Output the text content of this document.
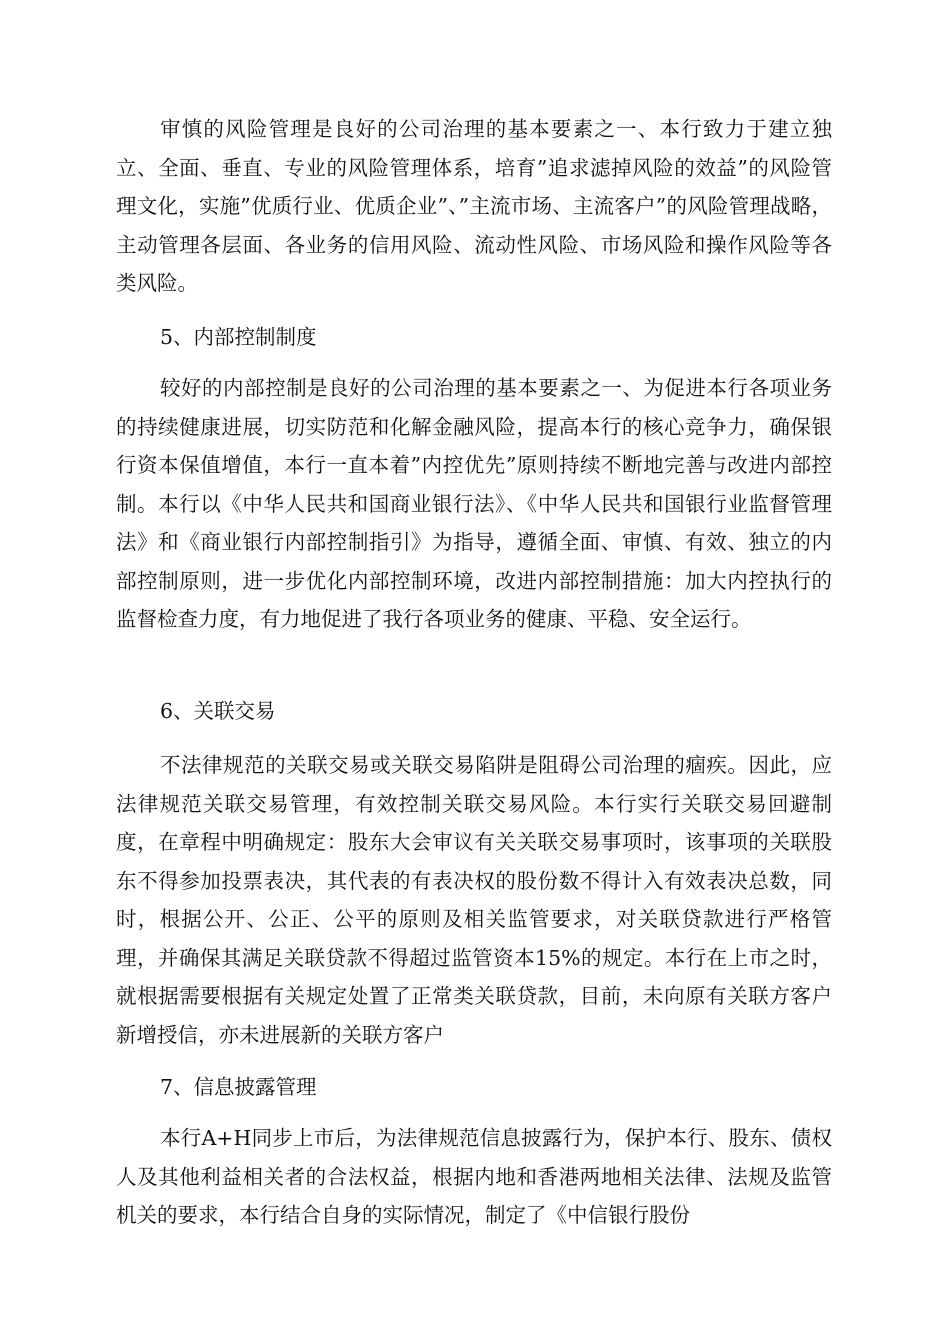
审慎的风险管理是良好的公司治理的基本要素之一、本行致力于建立独立、全面、垂直、专业的风险管理体系，培育”追求滤掉风险的效益”的风险管理文化，实施”优质行业、优质企业”、”主流市场、主流客户”的风险管理战略，主动管理各层面、各业务的信用风险、流动性风险、市场风险和操作风险等各类风险。

5、内部控制制度

较好的内部控制是良好的公司治理的基本要素之一、为促进本行各项业务的持续健康进展，切实防范和化解金融风险，提高本行的核心竞争力，确保银行资本保值增值，本行一直本着”内控优先”原则持续不断地完善与改进内部控制。本行以《中华人民共和国商业银行法》、《中华人民共和国银行业监督管理法》和《商业银行内部控制指引》为指导，遵循全面、审慎、有效、独立的内部控制原则，进一步优化内部控制环境，改进内部控制措施：加大内控执行的监督检查力度，有力地促进了我行各项业务的健康、平稳、安全运行。

6、关联交易

不法律规范的关联交易或关联交易陷阱是阻碍公司治理的痼疾。因此，应法律规范关联交易管理，有效控制关联交易风险。本行实行关联交易回避制度，在章程中明确规定：股东大会审议有关关联交易事项时，该事项的关联股东不得参加投票表决，其代表的有表决权的股份数不得计入有效表决总数，同时，根据公开、公正、公平的原则及相关监管要求，对关联贷款进行严格管理，并确保其满足关联贷款不得超过监管资本15%的规定。本行在上市之时，就根据需要根据有关规定处置了正常类关联贷款，目前，未向原有关联方客户新增授信，亦未进展新的关联方客户

7、信息披露管理

本行A+H同步上市后，为法律规范信息披露行为，保护本行、股东、债权人及其他利益相关者的合法权益，根据内地和香港两地相关法律、法规及监管机关的要求，本行结合自身的实际情况，制定了《中信银行股份
